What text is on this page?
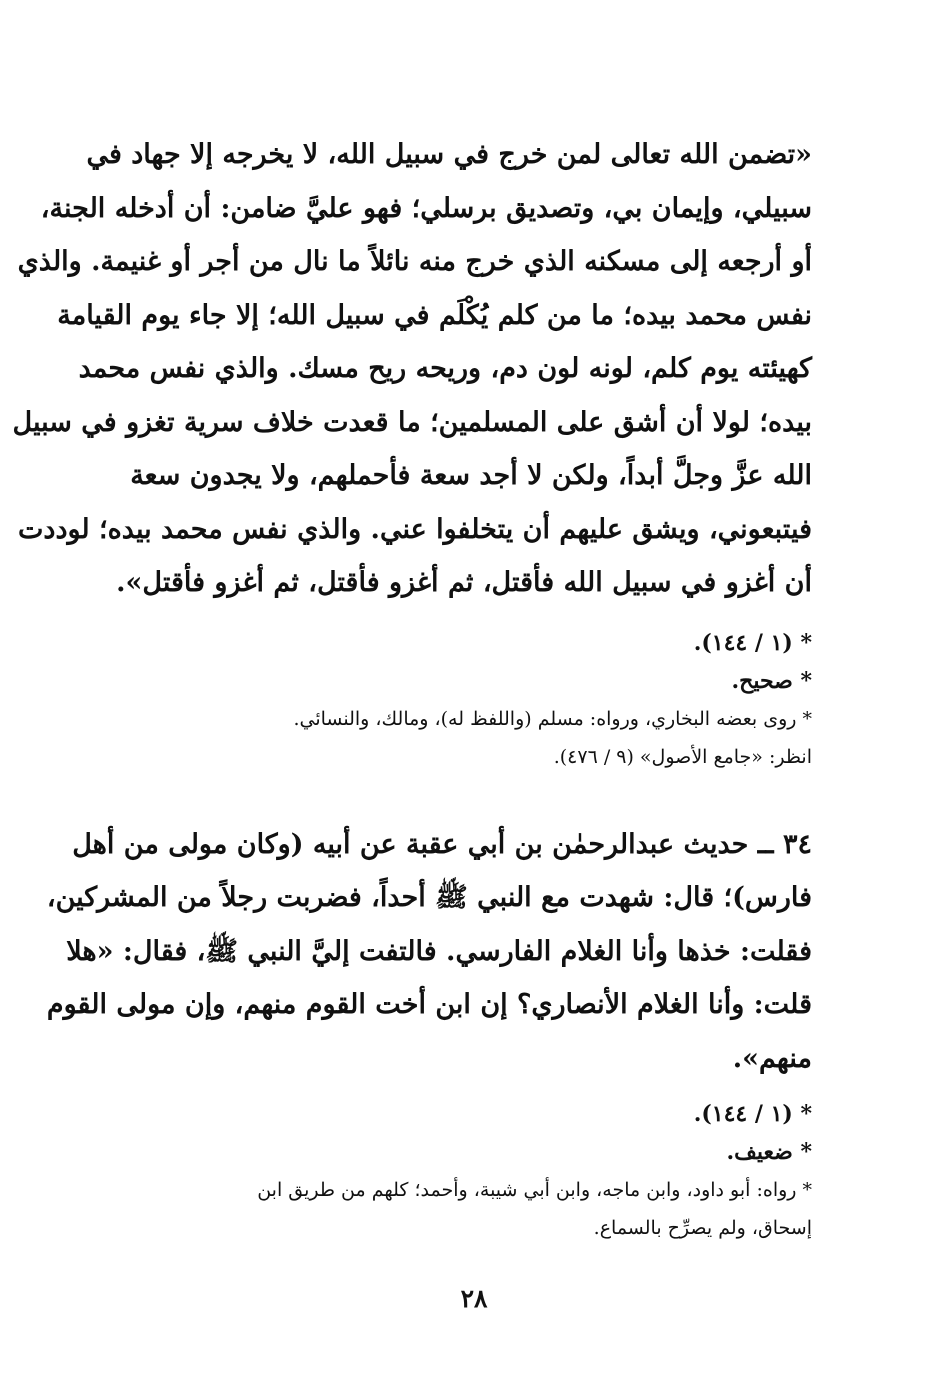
«تضمن الله تعالى لمن خرج في سبيل الله، لا يخرجه إلا جهاد في
سبيلي، وإيمان بي، وتصديق برسلي؛ فهو عليَّ ضامن: أن أدخله الجنة،
أو أرجعه إلى مسكنه الذي خرج منه نائلاً ما نال من أجر أو غنيمة. والذي
نفس محمد بيده؛ ما من كلم يُكْلَم في سبيل الله؛ إلا جاء يوم القيامة
كهيئته يوم كلم، لونه لون دم، وريحه ريح مسك. والذي نفس محمد
بيده؛ لولا أن أشق على المسلمين؛ ما قعدت خلاف سرية تغزو في سبيل
الله عزَّ وجلَّ أبداً، ولكن لا أجد سعة فأحملهم، ولا يجدون سعة
فيتبعوني، ويشق عليهم أن يتخلفوا عني. والذي نفس محمد بيده؛ لوددت
أن أغزو في سبيل الله فأقتل، ثم أغزو فأقتل، ثم أغزو فأقتل».

* (١ / ١٤٤).

* صحيح.

* روى بعضه البخاري، ورواه: مسلم (واللفظ له)، ومالك، والنسائي.

انظر: «جامع الأصول» (٩ / ٤٧٦).

٣٤ ــ حديث عبدالرحمٰن بن أبي عقبة عن أبيه (وكان مولى من أهل
فارس)؛ قال: شهدت مع النبي ﷺ أحداً، فضربت رجلاً من المشركين،
فقلت: خذها وأنا الغلام الفارسي. فالتفت إليَّ النبي ﷺ، فقال: «هلا
قلت: وأنا الغلام الأنصاري؟ إن ابن أخت القوم منهم، وإن مولى القوم
منهم».

* (١ / ١٤٤).

* ضعيف.

* رواه: أبو داود، وابن ماجه، وابن أبي شيبة، وأحمد؛ كلهم من طريق ابن

إسحاق، ولم يصرِّح بالسماع.

٢٨
